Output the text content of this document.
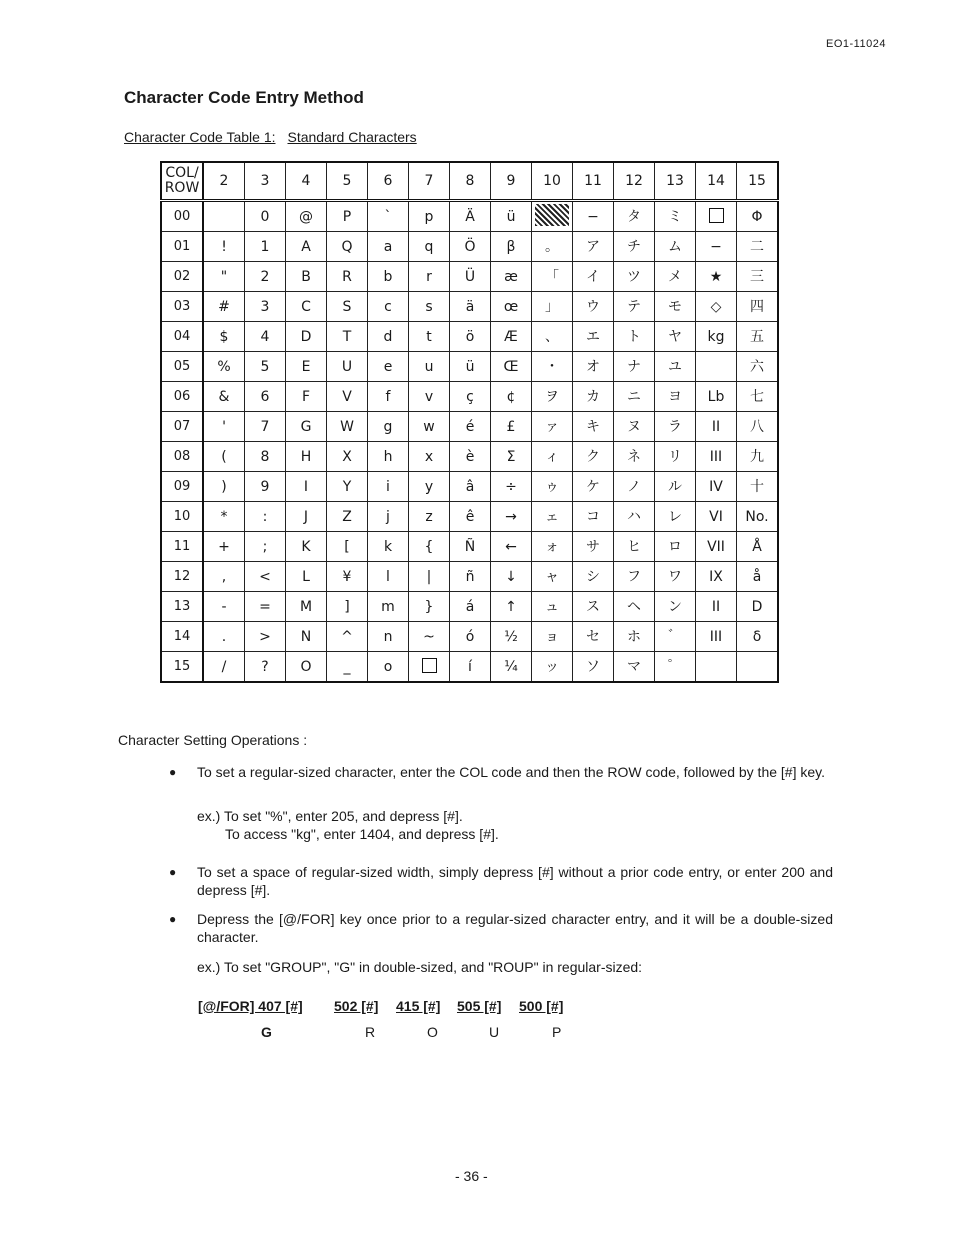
EO1-11024
Character Code Entry Method
Character Code Table 1: Standard Characters
COL/
ROW	2	3	4	5	6	7	8	9	10	11	12	13	14	15
00		0	@	P	`	p	Ä	ü		−	タ	ミ		Φ
01	!	1	A	Q	a	q	Ö	β	。	ア	チ	ム	−	二
02	"	2	B	R	b	r	Ü	æ	「	イ	ツ	メ	★	三
03	#	3	C	S	c	s	ä	œ	」	ウ	テ	モ	◇	四
04	$	4	D	T	d	t	ö	Æ	、	エ	ト	ヤ	kg	五
05	%	5	E	U	e	u	ü	Œ	・	オ	ナ	ユ		六
06	&	6	F	V	f	v	ç	¢	ヲ	カ	ニ	ヨ	Lb	七
07	'	7	G	W	g	w	é	£	ァ	キ	ヌ	ラ	II	八
08	(	8	H	X	h	x	è	Σ	ィ	ク	ネ	リ	III	九
09	)	9	I	Y	i	y	â	÷	ゥ	ケ	ノ	ル	IV	十
10	*	:	J	Z	j	z	ê	→	ェ	コ	ハ	レ	VI	No.
11	+	;	K	[	k	{	Ñ	←	ォ	サ	ヒ	ロ	VII	Å
12	,	<	L	¥	l	|	ñ	↓	ャ	シ	フ	ワ	IX	å
13	-	=	M	]	m	}	á	↑	ュ	ス	ヘ	ン	II	D
14	.	>	N	^	n	~	ó	½	ョ	セ	ホ	゛	III	δ
15	/	?	O	_	o		í	¼	ッ	ソ	マ	゜		
Character Setting Operations :
● To set a regular-sized character, enter the COL code and then the ROW code, followed by the [#] key.
ex.) To set "%", enter 205, and depress [#].
To access "kg", enter 1404, and depress [#].
● To set a space of regular-sized width, simply depress [#] without a prior code entry, or enter 200 and depress [#].
● Depress the [@/FOR] key once prior to a regular-sized character entry, and it will be a double-sized character.
ex.) To set "GROUP", "G" in double-sized, and "ROUP" in regular-sized:
[@/FOR] 407 [#] 502 [#] 415 [#] 505 [#] 500 [#]
G	R	O	U	P
- 36 -
